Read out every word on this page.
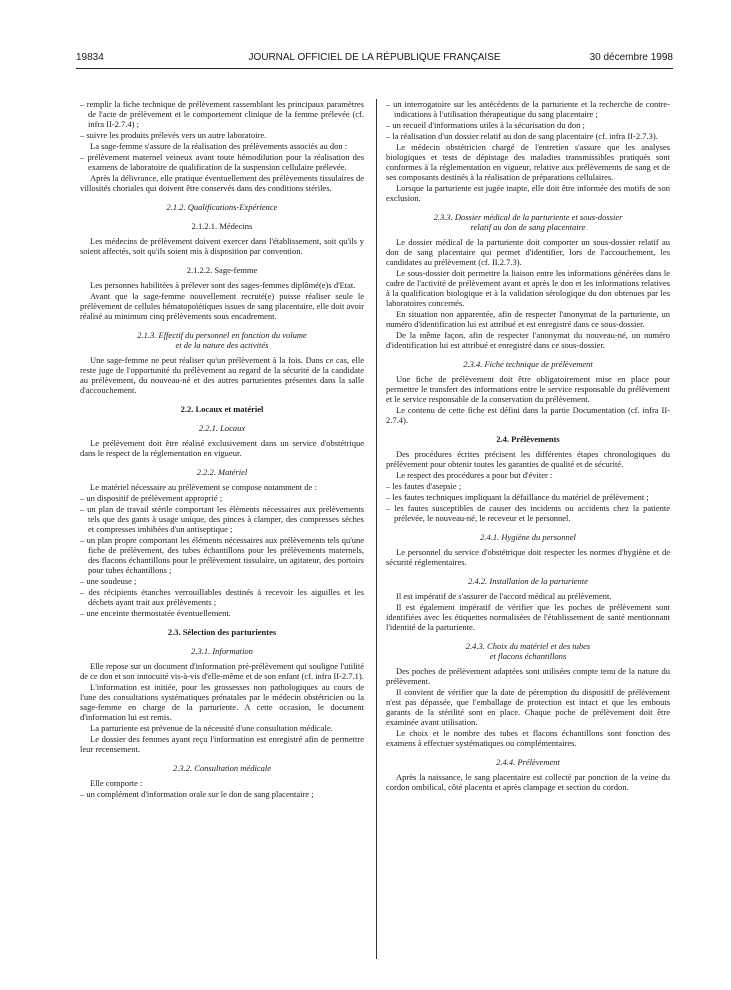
19834	JOURNAL OFFICIEL DE LA RÉPUBLIQUE FRANÇAISE	30 décembre 1998
– remplir la fiche technique de prélèvement rassemblant les principaux paramètres de l'acte de prélèvement et le comportement clinique de la femme prélevée (cf. infra II-2.7.4) ;
– suivre les produits prélevés vers un autre laboratoire.

La sage-femme s'assure de la réalisation des prélèvements associés au don :

– prélèvement maternel veineux avant toute hémodilution pour la réalisation des examens de laboratoire de qualification de la suspension cellulaire prélevée.

Après la délivrance, elle pratique éventuellement des prélèvements tissulaires de villosités choriales qui doivent être conservés dans des conditions stériles.

2.1.2. Qualifications-Expérience
2.1.2.1. Médecins

Les médecins de prélèvement doivent exercer dans l'établissement, soit qu'ils y soient affectés, soit qu'ils soient mis à disposition par convention.

2.1.2.2. Sage-femme

Les personnes habilitées à prélever sont des sages-femmes diplômé(e)s d'Etat.

Avant que la sage-femme nouvellement recruté(e) puisse réaliser seule le prélèvement de cellules hématopoïétiques issues de sang placentaire, elle doit avoir réalisé au minimum cinq prélèvements sous encadrement.

2.1.3. Effectif du personnel en fonction du volume
et de la nature des activités

Une sage-femme ne peut réaliser qu'un prélèvement à la fois. Dans ce cas, elle reste juge de l'opportunité du prélèvement au regard de la sécurité de la candidate au prélèvement, du nouveau-né et des autres parturientes présentes dans la salle d'accouchement.

2.2. Locaux et matériel
2.2.1. Locaux

Le prélèvement doit être réalisé exclusivement dans un service d'obstétrique dans le respect de la réglementation en vigueur.

2.2.2. Matériel

Le matériel nécessaire au prélèvement se compose notamment de :

– un dispositif de prélèvement approprié ;
– un plan de travail stérile comportant les éléments nécessaires aux prélèvements tels que des gants à usage unique, des pinces à clamper, des compresses sèches et compresses imbibées d'un antiseptique ;
– un plan propre comportant les éléments nécessaires aux prélèvements tels qu'une fiche de prélèvement, des tubes échantillons pour les prélèvements maternels, des flacons échantillons pour le prélèvement tissulaire, un agitateur, des portoirs pour tubes échantillons ;
– une soudeuse ;
– des récipients étanches verrouillables destinés à recevoir les aiguilles et les déchets ayant trait aux prélèvements ;
– une enceinte thermostatée éventuellement.
2.3. Sélection des parturientes
2.3.1. Information

Elle repose sur un document d'information pré-prélèvement qui souligne l'utilité de ce don et son innocuité vis-à-vis d'elle-même et de son enfant (cf. infra II-2.7.1).

L'information est initiée, pour les grossesses non pathologiques au cours de l'une des consultations systématiques prénatales par le médecin obstétricien ou la sage-femme en charge de la parturiente. A cette occasion, le document d'information lui est remis.

La parturiente est prévenue de la nécessité d'une consultation médicale.

Le dossier des femmes ayant reçu l'information est enregistré afin de permettre leur recensement.

2.3.2. Consultation médicale

Elle comporte :

– un complément d'information orale sur le don de sang placentaire ;
– un interrogatoire sur les antécédents de la parturiente et la recherche de contre-indications à l'utilisation thérapeutique du sang placentaire ;
– un recueil d'informations utiles à la sécurisation du don ;
– la réalisation d'un dossier relatif au don de sang placentaire (cf. infra II-2.7.3).

Le médecin obstétricien chargé de l'entretien s'assure que les analyses biologiques et tests de dépistage des maladies transmissibles pratiqués sont conformes à la réglementation en vigueur, relative aux prélèvements de sang et de ses composants destinés à la réalisation de préparations cellulaires.

Lorsque la parturiente est jugée inapte, elle doit être informée des motifs de son exclusion.

2.3.3. Dossier médical de la parturiente et sous-dossier
relatif au don de sang placentaire

Le dossier médical de la parturiente doit comporter un sous-dossier relatif au don de sang placentaire qui permet d'identifier, lors de l'accouchement, les candidates au prélèvement (cf. II.2.7.3).

Le sous-dossier doit permettre la liaison entre les informations générées dans le cadre de l'activité de prélèvement avant et après le don et les informations relatives à la qualification biologique et à la validation sérologique du don obtenues par les laboratoires concernés.

En situation non apparentée, afin de respecter l'anonymat de la parturiente, un numéro d'identification lui est attribué et est enregistré dans ce sous-dossier.

De la même façon, afin de respecter l'anonymat du nouveau-né, un numéro d'identification lui est attribué et enregistré dans ce sous-dossier.

2.3.4. Fiche technique de prélèvement

Une fiche de prélèvement doit être obligatoirement mise en place pour permettre le transfert des informations entre le service responsable du prélèvement et le service responsable de la conservation du prélèvement.

Le contenu de cette fiche est défini dans la partie Documentation (cf. infra II-2.7.4).

2.4. Prélèvements

Des procédures écrites précisent les différentes étapes chronologiques du prélèvement pour obtenir toutes les garanties de qualité et de sécurité.

Le respect des procédures a pour but d'éviter :

– les fautes d'asepsie ;
– les fautes techniques impliquant la défaillance du matériel de prélèvement ;
– les fautes susceptibles de causer des incidents ou accidents chez la patiente prélevée, le nouveau-né, le receveur et le personnel.
2.4.1. Hygiène du personnel

Le personnel du service d'obstétrique doit respecter les normes d'hygiène et de sécurité réglementaires.

2.4.2. Installation de la parturiente

Il est impératif de s'assurer de l'accord médical au prélèvement.

Il est également impératif de vérifier que les poches de prélèvement sont identifiées avec les étiquettes normalisées de l'établissement de santé mentionnant l'identité de la parturiente.

2.4.3. Choix du matériel et des tubes
et flacons échantillons

Des poches de prélèvement adaptées sont utilisées compte tenu de la nature du prélèvement.

Il convient de vérifier que la date de péremption du dispositif de prélèvement n'est pas dépassée, que l'emballage de protection est intact et que les embouts garants de la stérilité sont en place. Chaque poche de prélèvement doit être examinée avant utilisation.

Le choix et le nombre des tubes et flacons échantillons sont fonction des examens à effectuer systématiques ou complémentaires.

2.4.4. Prélèvement

Après la naissance, le sang placentaire est collecté par ponction de la veine du cordon ombilical, côté placenta et après clampage et section du cordon.
